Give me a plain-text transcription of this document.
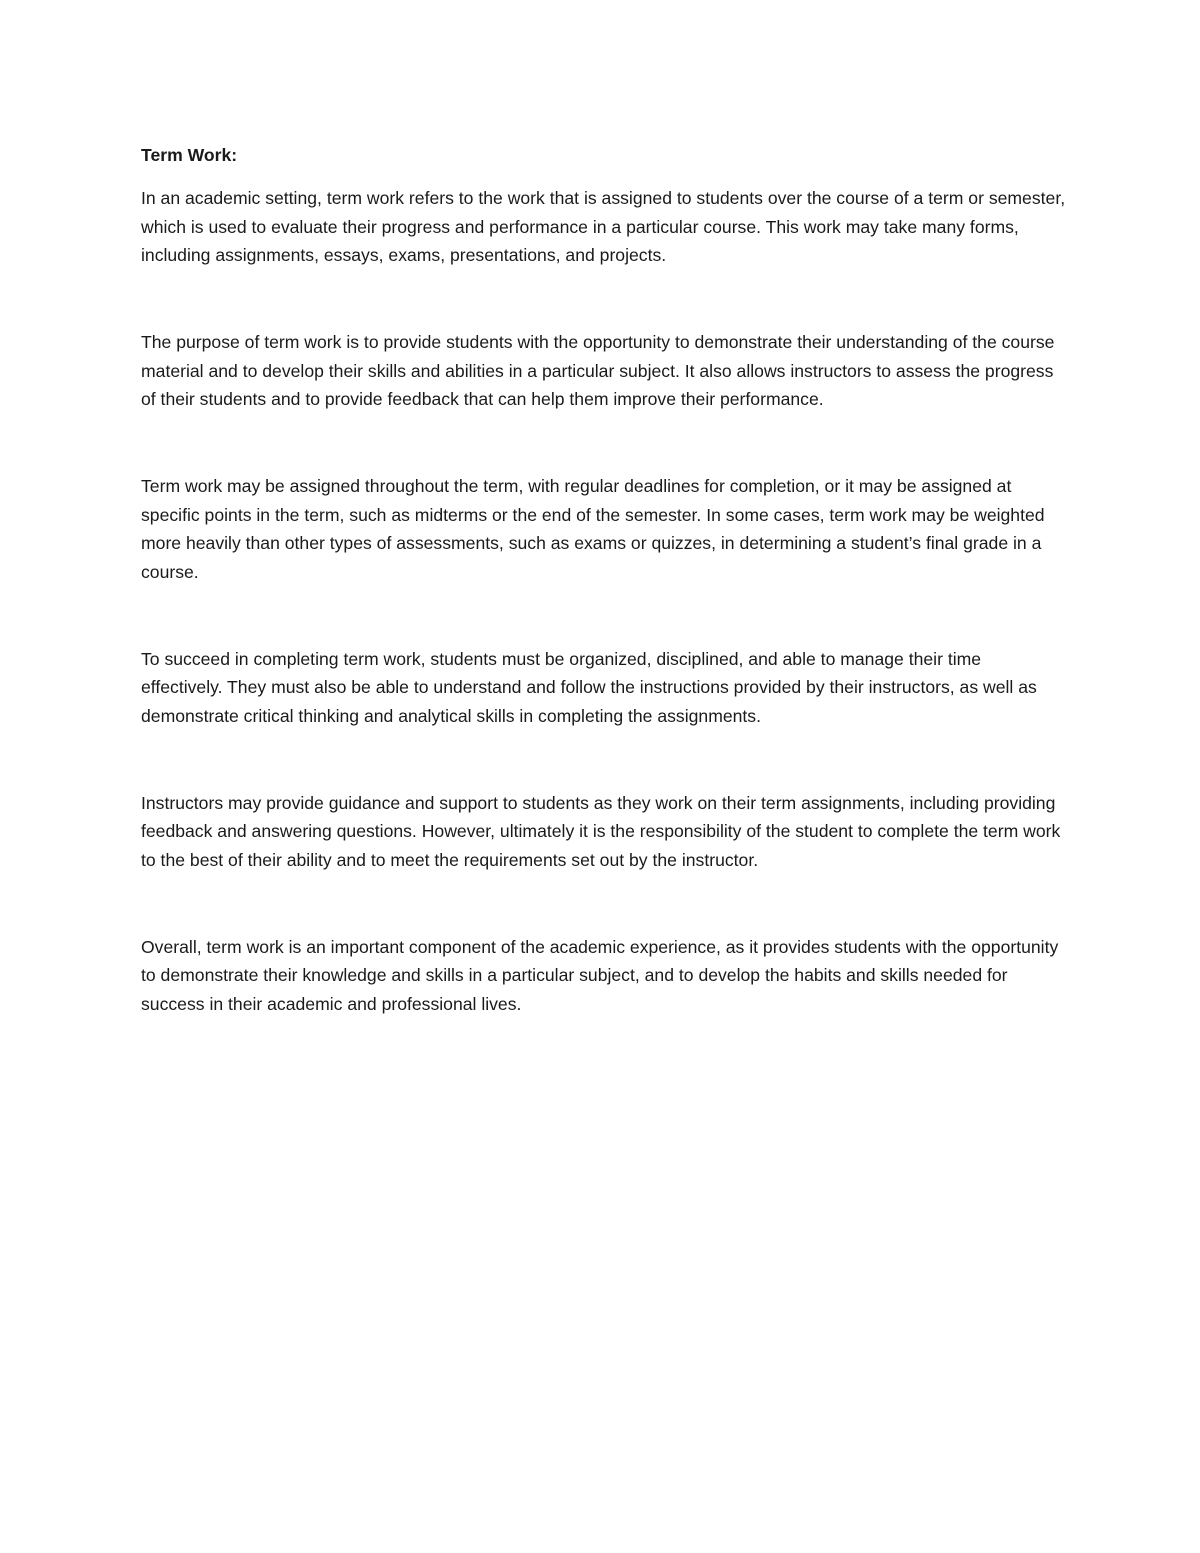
Term Work:

In an academic setting, term work refers to the work that is assigned to students over the course of a term or semester, which is used to evaluate their progress and performance in a particular course. This work may take many forms, including assignments, essays, exams, presentations, and projects.

The purpose of term work is to provide students with the opportunity to demonstrate their understanding of the course material and to develop their skills and abilities in a particular subject. It also allows instructors to assess the progress of their students and to provide feedback that can help them improve their performance.

Term work may be assigned throughout the term, with regular deadlines for completion, or it may be assigned at specific points in the term, such as midterms or the end of the semester. In some cases, term work may be weighted more heavily than other types of assessments, such as exams or quizzes, in determining a student’s final grade in a course.

To succeed in completing term work, students must be organized, disciplined, and able to manage their time effectively. They must also be able to understand and follow the instructions provided by their instructors, as well as demonstrate critical thinking and analytical skills in completing the assignments.

Instructors may provide guidance and support to students as they work on their term assignments, including providing feedback and answering questions. However, ultimately it is the responsibility of the student to complete the term work to the best of their ability and to meet the requirements set out by the instructor.

Overall, term work is an important component of the academic experience, as it provides students with the opportunity to demonstrate their knowledge and skills in a particular subject, and to develop the habits and skills needed for success in their academic and professional lives.
